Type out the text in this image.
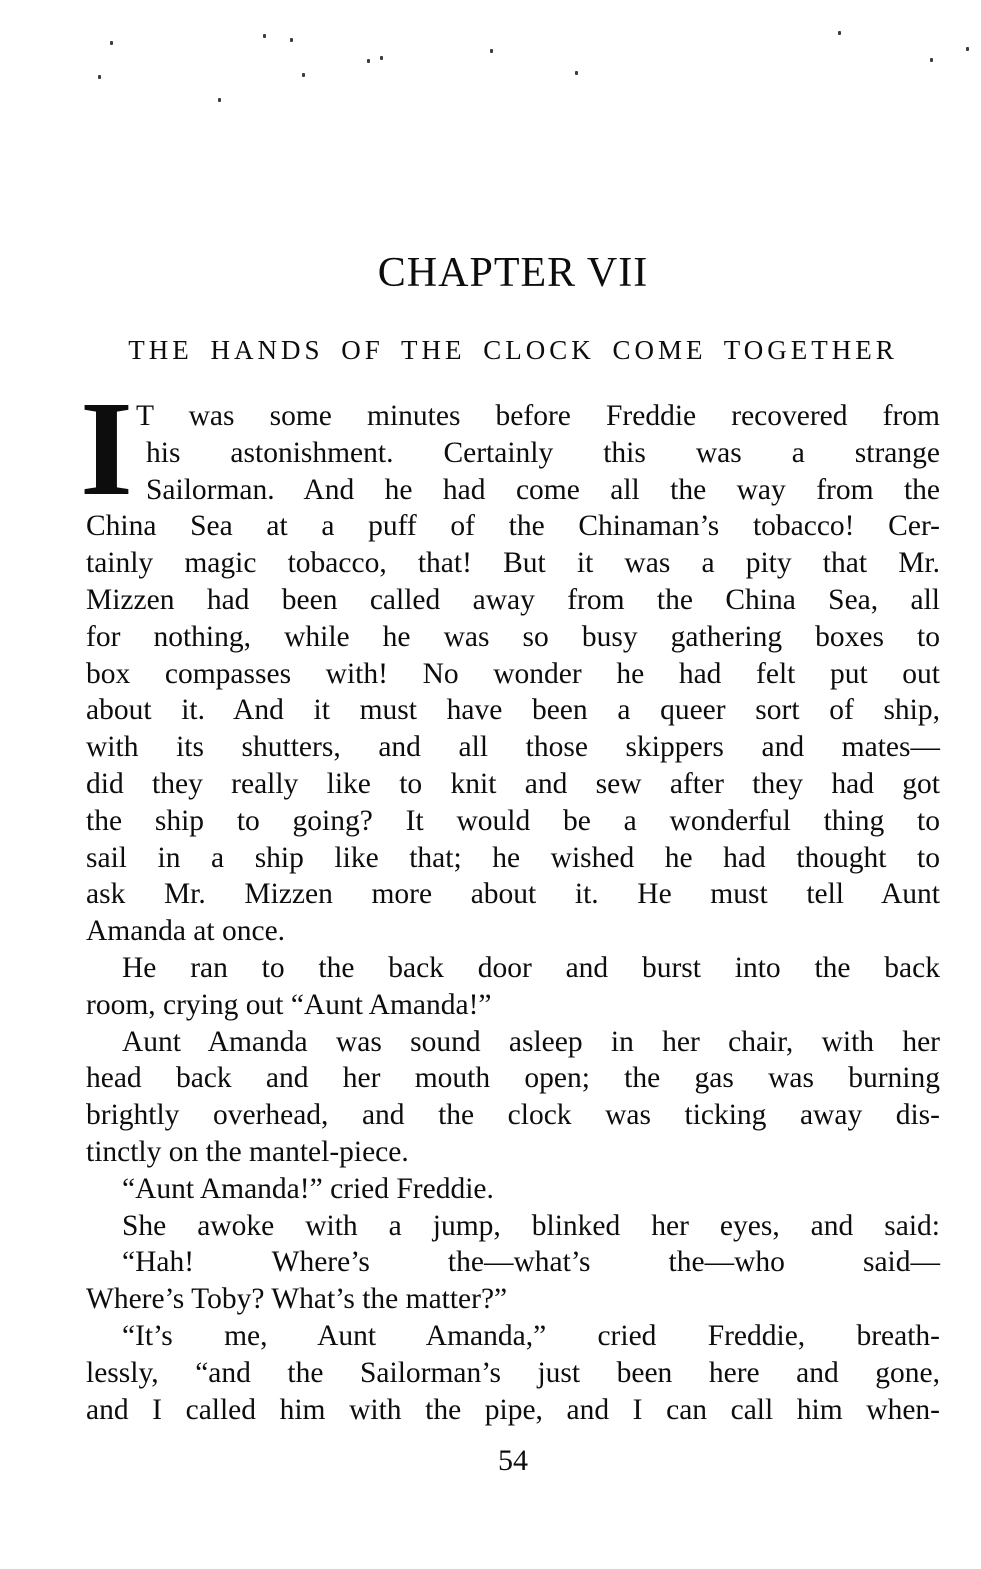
CHAPTER VII
THE HANDS OF THE CLOCK COME TOGETHER
I T was some minutes before Freddie recovered from
his astonishment. Certainly this was a strange
Sailorman. And he had come all the way from the
China Sea at a puff of the Chinaman’s tobacco! Cer-
tainly magic tobacco, that! But it was a pity that Mr.
Mizzen had been called away from the China Sea, all
for nothing, while he was so busy gathering boxes to
box compasses with! No wonder he had felt put out
about it. And it must have been a queer sort of ship,
with its shutters, and all those skippers and mates—
did they really like to knit and sew after they had got
the ship to going? It would be a wonderful thing to
sail in a ship like that; he wished he had thought to
ask Mr. Mizzen more about it. He must tell Aunt
Amanda at once.
He ran to the back door and burst into the back
room, crying out “Aunt Amanda!”
Aunt Amanda was sound asleep in her chair, with her
head back and her mouth open; the gas was burning
brightly overhead, and the clock was ticking away dis-
tinctly on the mantel-piece.
“Aunt Amanda!” cried Freddie.
She awoke with a jump, blinked her eyes, and said:
“Hah! Where’s the—what’s the—who said—
Where’s Toby? What’s the matter?”
“It’s me, Aunt Amanda,” cried Freddie, breath-
lessly, “and the Sailorman’s just been here and gone,
and I called him with the pipe, and I can call him when-
54
